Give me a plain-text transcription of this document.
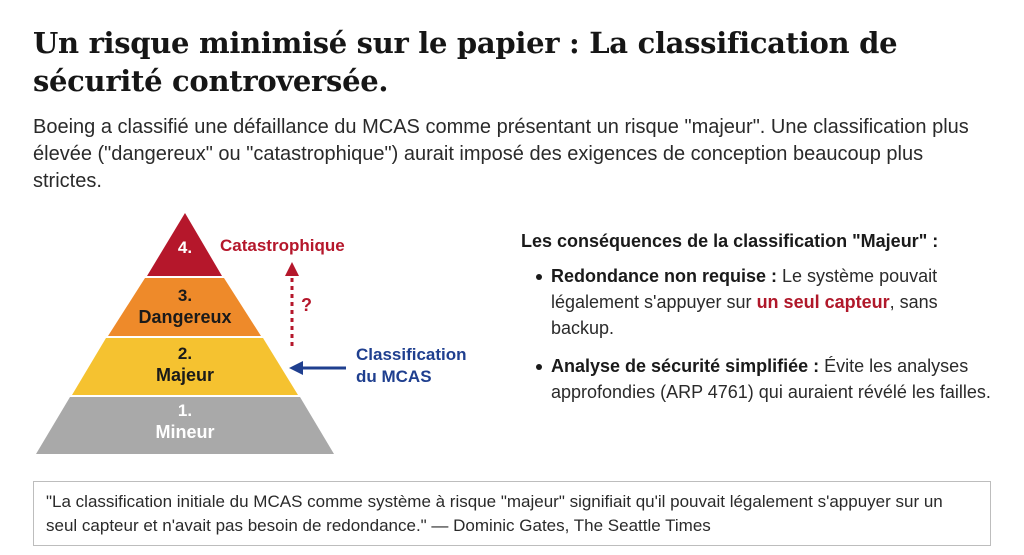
Un risque minimisé sur le papier : La classification de sécurité controversée.

Boeing a classifié une défaillance du MCAS comme présentant un risque "majeur". Une classification plus élevée ("dangereux" ou "catastrophique") aurait imposé des exigences de conception beaucoup plus strictes.

4.
3.
Dangereux
2.
Majeur
1.
Mineur
Catastrophique
?
Classification
du MCAS

Les conséquences de la classification "Majeur" :

Redondance non requise : Le système pouvait légalement s'appuyer sur un seul capteur, sans backup.
Analyse de sécurité simplifiée : Évite les analyses approfondies (ARP 4761) qui auraient révélé les failles.
"La classification initiale du MCAS comme système à risque "majeur" signifiait qu'il pouvait légalement s'appuyer sur un seul capteur et n'avait pas besoin de redondance." — Dominic Gates, The Seattle Times
